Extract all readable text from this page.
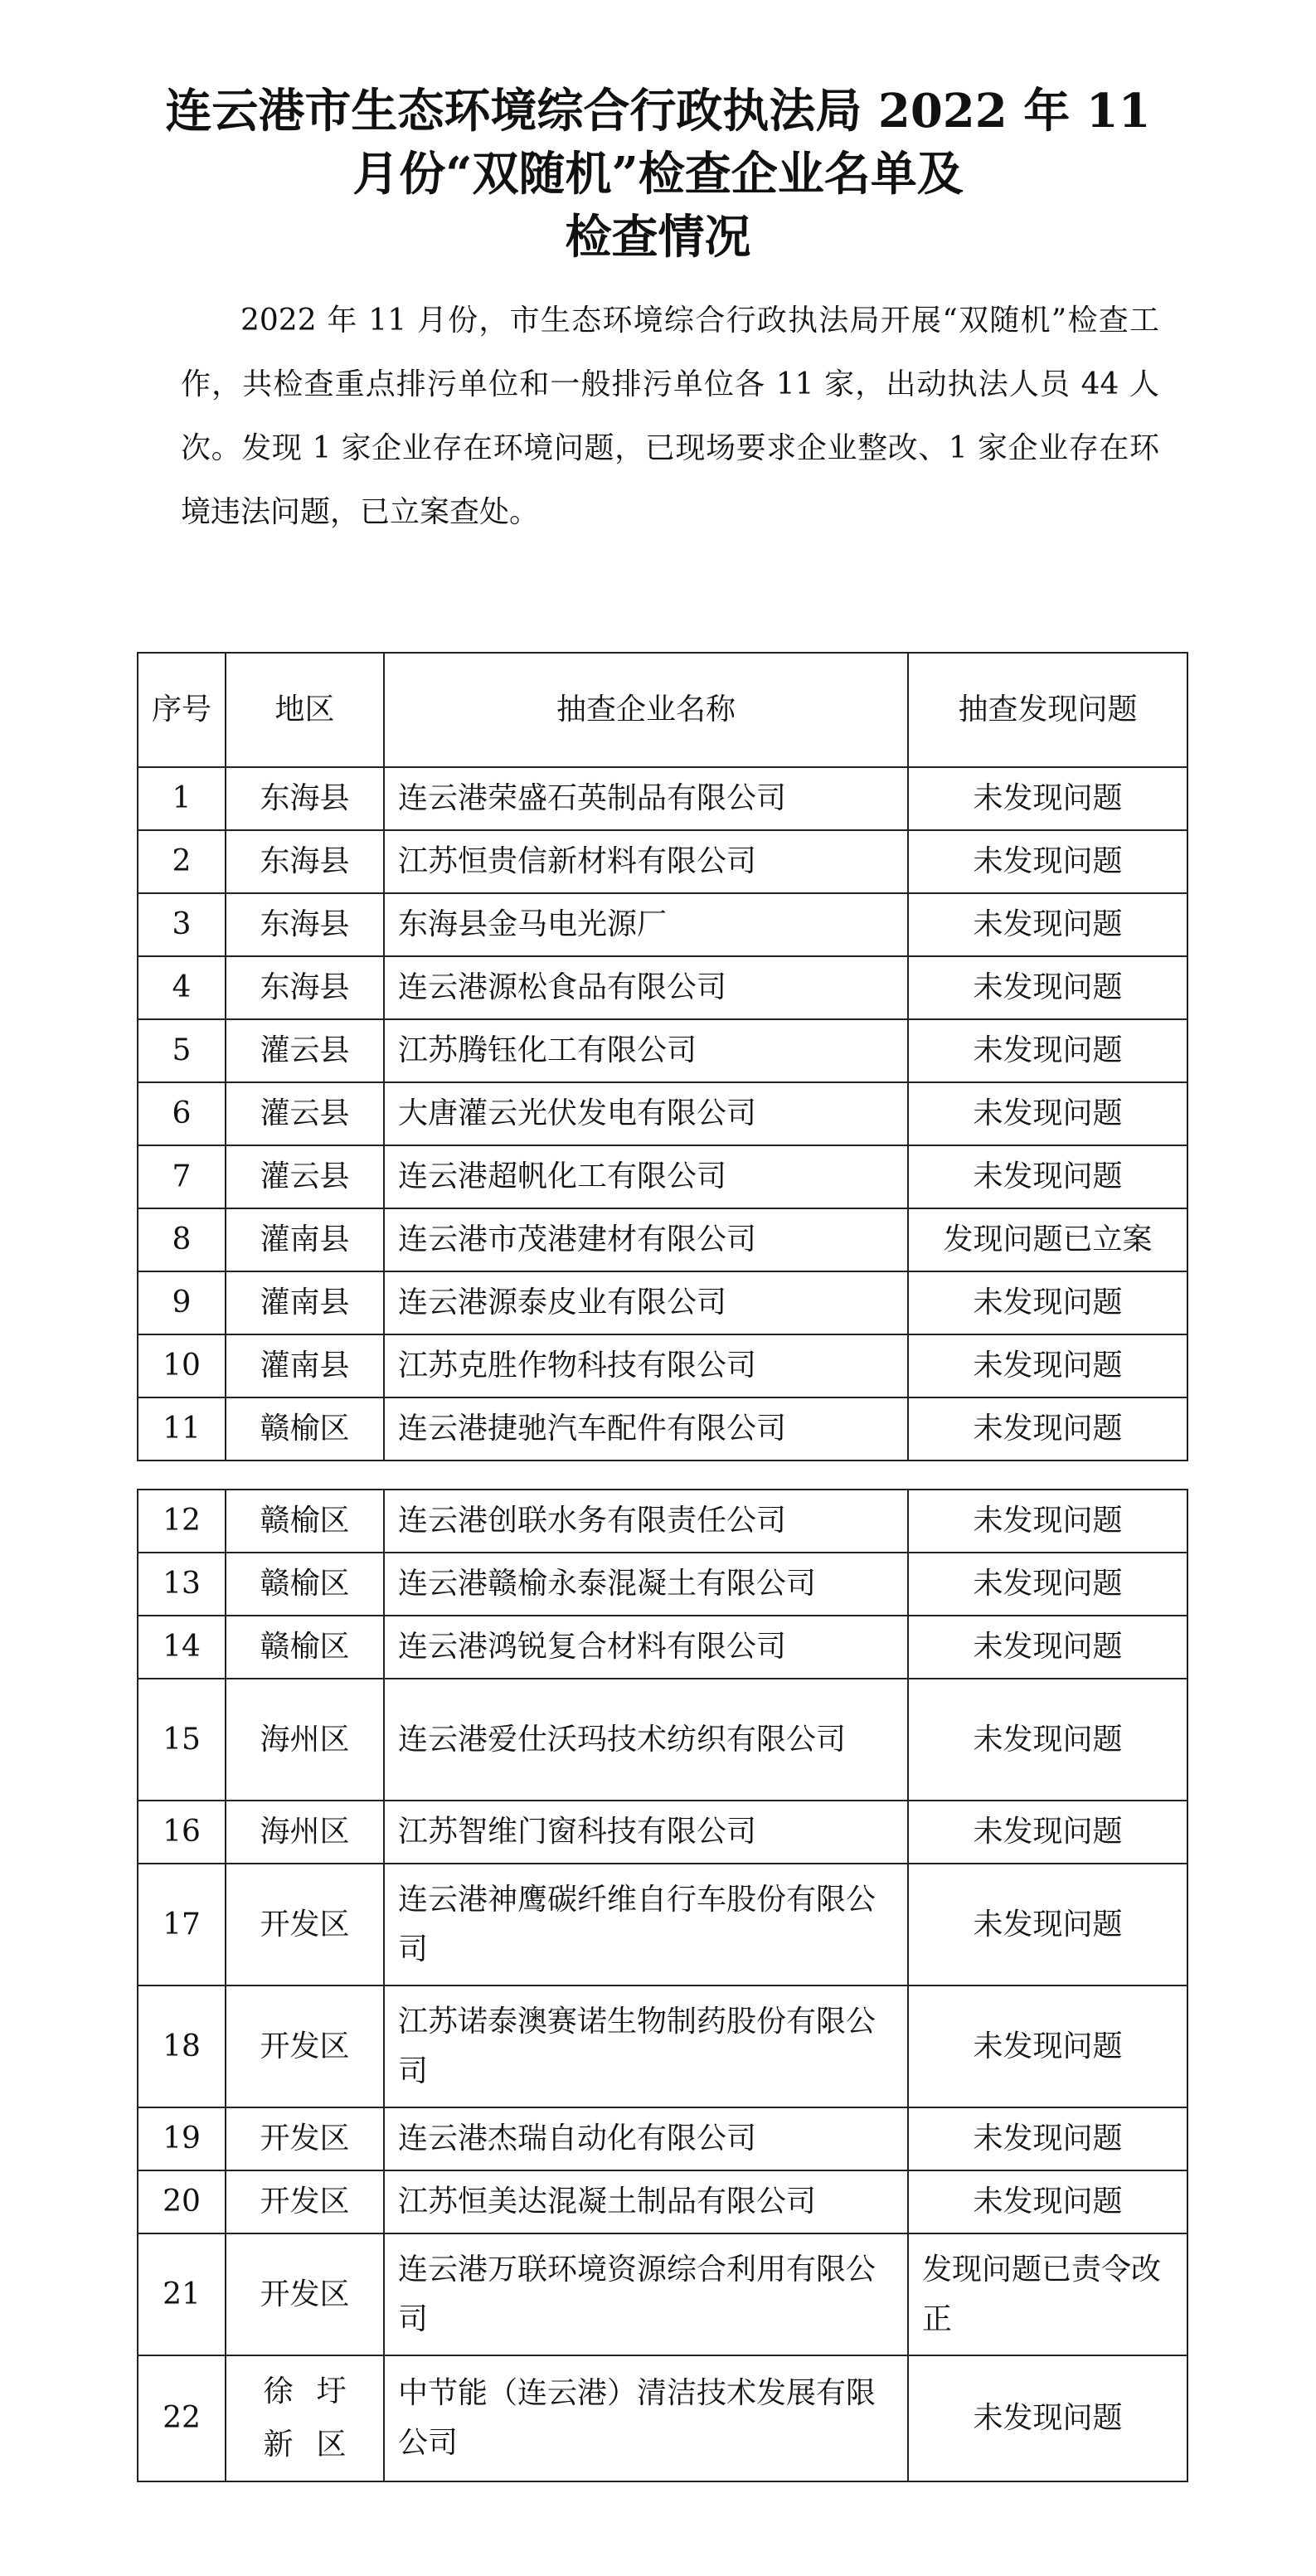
连云港市生态环境综合行政执法局 2022 年 11
月份“双随机”检查企业名单及
检查情况

2022 年 11 月份，市生态环境综合行政执法局开展“双随机”检查工作，共检查重点排污单位和一般排污单位各 11 家，出动执法人员 44 人次。发现 1 家企业存在环境问题，已现场要求企业整改、1 家企业存在环境违法问题，已立案查处。

序号	地区	抽查企业名称	抽查发现问题
1	东海县	连云港荣盛石英制品有限公司	未发现问题
2	东海县	江苏恒贵信新材料有限公司	未发现问题
3	东海县	东海县金马电光源厂	未发现问题
4	东海县	连云港源松食品有限公司	未发现问题
5	灌云县	江苏腾钰化工有限公司	未发现问题
6	灌云县	大唐灌云光伏发电有限公司	未发现问题
7	灌云县	连云港超帆化工有限公司	未发现问题
8	灌南县	连云港市茂港建材有限公司	发现问题已立案
9	灌南县	连云港源泰皮业有限公司	未发现问题
10	灌南县	江苏克胜作物科技有限公司	未发现问题
11	赣榆区	连云港捷驰汽车配件有限公司	未发现问题
12	赣榆区	连云港创联水务有限责任公司	未发现问题
13	赣榆区	连云港赣榆永泰混凝土有限公司	未发现问题
14	赣榆区	连云港鸿锐复合材料有限公司	未发现问题
15	海州区	连云港爱仕沃玛技术纺织有限公司	未发现问题
16	海州区	江苏智维门窗科技有限公司	未发现问题
17	开发区	连云港神鹰碳纤维自行车股份有限公司	未发现问题
18	开发区	江苏诺泰澳赛诺生物制药股份有限公司	未发现问题
19	开发区	连云港杰瑞自动化有限公司	未发现问题
20	开发区	江苏恒美达混凝土制品有限公司	未发现问题
21	开发区	连云港万联环境资源综合利用有限公司	发现问题已责令改正
22	徐圩新区	中节能（连云港）清洁技术发展有限公司	未发现问题
